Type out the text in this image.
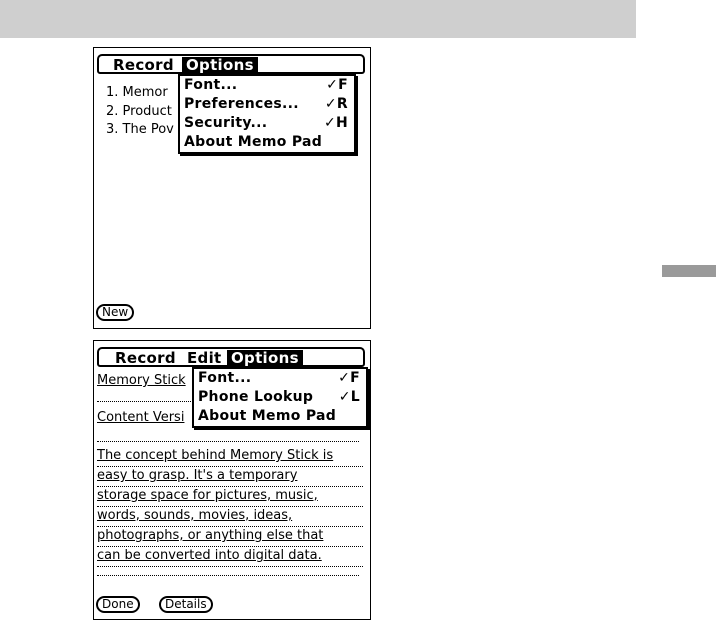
Record Options
1. Memor
2. Product
3. The Pov
Font...	✓F
Preferences... ✓R
Security...	✓H
About Memo Pad
New
Record Edit Options
Memory Stick
Content Versi
The concept behind Memory Stick is
easy to grasp. It's a temporary
storage space for pictures, music,
words, sounds, movies, ideas,
photographs, or anything else that
can be converted into digital data.
Font...	✓F
Phone Lookup ✓L
About Memo Pad
Done	Details
